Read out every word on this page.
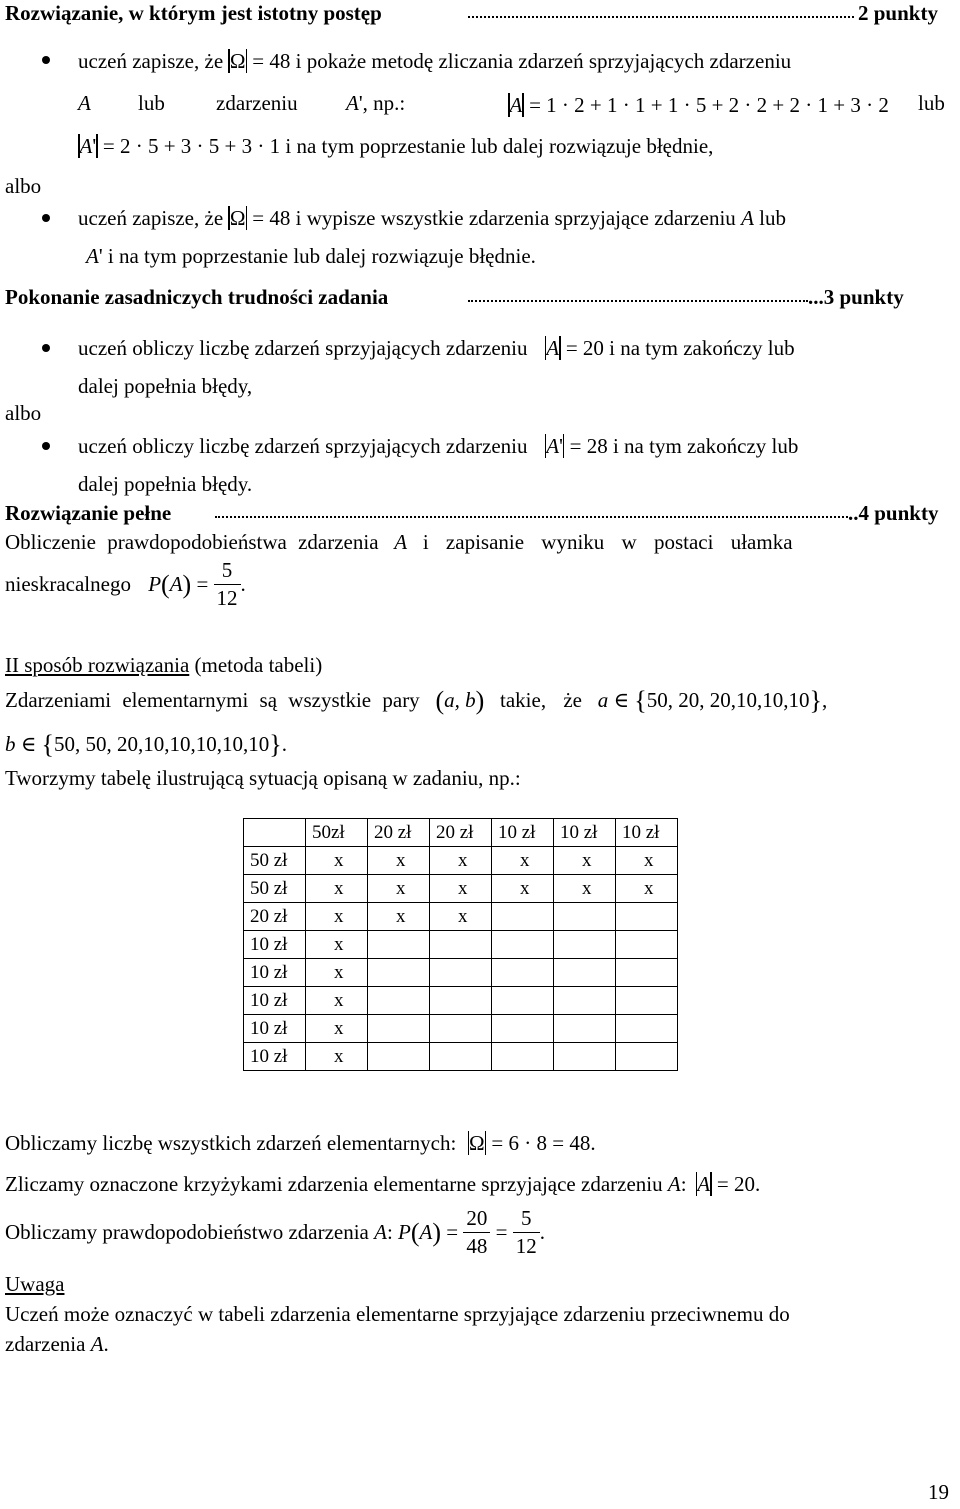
Rozwiązanie, w którym jest istotny postęp	2 punkty
uczeń zapisze, że Ω = 48 i pokaże metodę zliczania zdarzeń sprzyjających zdarzeniu
A lub zdarzeniu A', np.:	A = 1 · 2 + 1 · 1 + 1 · 5 + 2 · 2 + 2 · 1 + 3 · 2 lub
A' = 2 · 5 + 3 · 5 + 3 · 1 i na tym poprzestanie lub dalej rozwiązuje błędnie,
albo
uczeń zapisze, że Ω = 48 i wypisze wszystkie zdarzenia sprzyjające zdarzeniu A lub
A' i na tym poprzestanie lub dalej rozwiązuje błędnie.
Pokonanie zasadniczych trudności zadania	...3 punkty
uczeń obliczy liczbę zdarzeń sprzyjających zdarzeniu A = 20 i na tym zakończy lub
dalej popełnia błędy,
albo
uczeń obliczy liczbę zdarzeń sprzyjających zdarzeniu A' = 28 i na tym zakończy lub
dalej popełnia błędy.
Rozwiązanie pełne	..4 punkty
Obliczenie prawdopodobieństwa zdarzenia A i zapisanie wyniku w postaci ułamka
nieskracalnego $P(A) = \frac{5}{12}$ .
II sposób rozwiązania (metoda tabeli)
Zdarzeniami elementarnymi są wszystkie pary (a, b) takie, że a ∈ {50, 20, 20,10,10,10},
b ∈ {50, 50, 20,10,10,10,10,10}.
Tworzymy tabelę ilustrującą sytuacją opisaną w zadaniu, np.:
	50zł	20 zł	20 zł	10 zł	10 zł	10 zł
50 zł	x	x	x	x	x	x
50 zł	x	x	x	x	x	x
20 zł	x	x	x			
10 zł	x					
10 zł	x					
10 zł	x					
10 zł	x					
10 zł	x					
Obliczamy liczbę wszystkich zdarzeń elementarnych: Ω = 6 · 8 = 48.
Zliczamy oznaczone krzyżykami zdarzenia elementarne sprzyjające zdarzeniu A: A = 20.
Obliczamy prawdopodobieństwo zdarzenia A: $P(A) = \frac{20}{48} = \frac{5}{12}$ .
Uwaga
Uczeń może oznaczyć w tabeli zdarzenia elementarne sprzyjające zdarzeniu przeciwnemu do
zdarzenia A.
19
